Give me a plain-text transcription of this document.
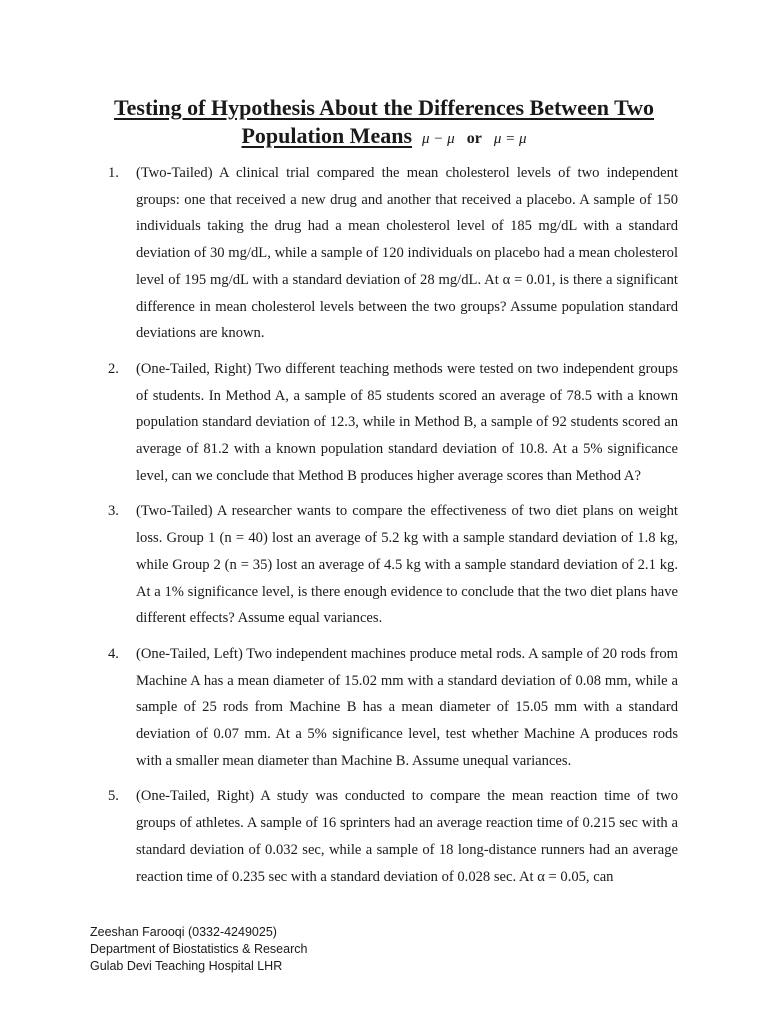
Testing of Hypothesis About the Differences Between Two
Population Means μ − μ or μ = μ
1. (Two-Tailed) A clinical trial compared the mean cholesterol levels of two independent groups: one that received a new drug and another that received a placebo. A sample of 150 individuals taking the drug had a mean cholesterol level of 185 mg/dL with a standard deviation of 30 mg/dL, while a sample of 120 individuals on placebo had a mean cholesterol level of 195 mg/dL with a standard deviation of 28 mg/dL. At α = 0.01, is there a significant difference in mean cholesterol levels between the two groups? Assume population standard deviations are known.
2. (One-Tailed, Right) Two different teaching methods were tested on two independent groups of students. In Method A, a sample of 85 students scored an average of 78.5 with a known population standard deviation of 12.3, while in Method B, a sample of 92 students scored an average of 81.2 with a known population standard deviation of 10.8. At a 5% significance level, can we conclude that Method B produces higher average scores than Method A?
3. (Two-Tailed) A researcher wants to compare the effectiveness of two diet plans on weight loss. Group 1 (n = 40) lost an average of 5.2 kg with a sample standard deviation of 1.8 kg, while Group 2 (n = 35) lost an average of 4.5 kg with a sample standard deviation of 2.1 kg. At a 1% significance level, is there enough evidence to conclude that the two diet plans have different effects? Assume equal variances.
4. (One-Tailed, Left) Two independent machines produce metal rods. A sample of 20 rods from Machine A has a mean diameter of 15.02 mm with a standard deviation of 0.08 mm, while a sample of 25 rods from Machine B has a mean diameter of 15.05 mm with a standard deviation of 0.07 mm. At a 5% significance level, test whether Machine A produces rods with a smaller mean diameter than Machine B. Assume unequal variances.
5. (One-Tailed, Right) A study was conducted to compare the mean reaction time of two groups of athletes. A sample of 16 sprinters had an average reaction time of 0.215 sec with a standard deviation of 0.032 sec, while a sample of 18 long-distance runners had an average reaction time of 0.235 sec with a standard deviation of 0.028 sec. At α = 0.05, can
Zeeshan Farooqi (0332-4249025)
Department of Biostatistics & Research
Gulab Devi Teaching Hospital LHR
